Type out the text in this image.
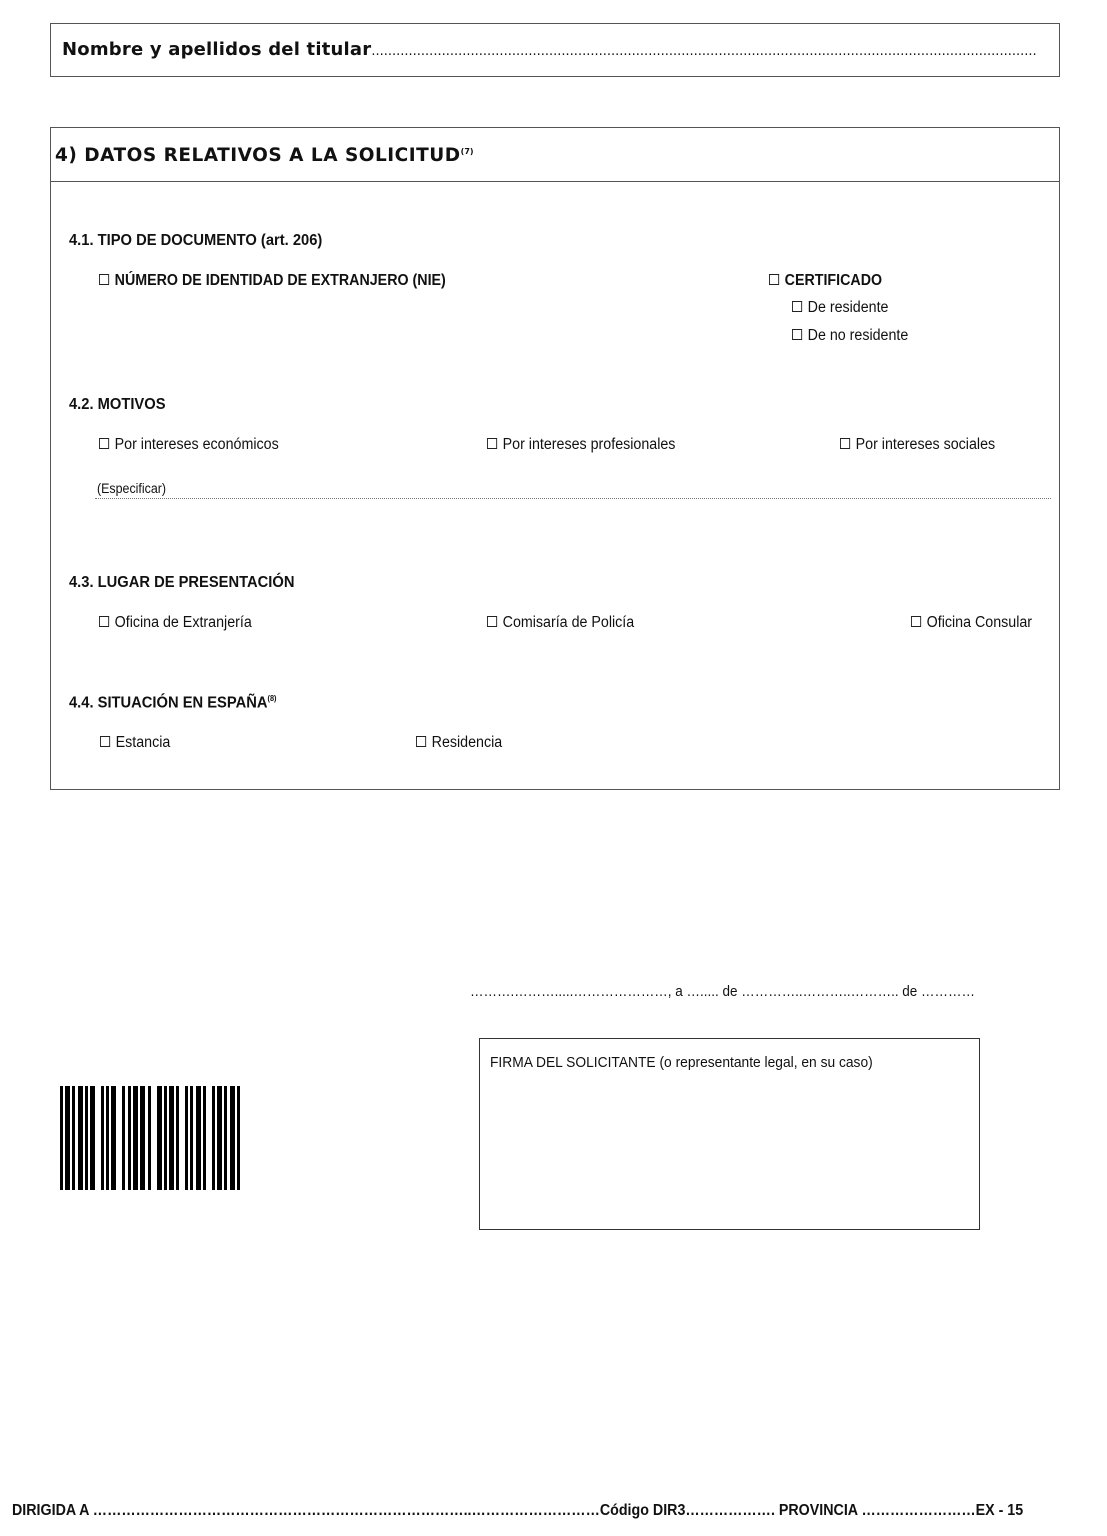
Nombre y apellidos del titular.................................................................................................................................................................
4) DATOS RELATIVOS A LA SOLICITUD$^{(7)}$
4.1. TIPO DE DOCUMENTO (art. 206)
NÚMERO DE IDENTIDAD DE EXTRANJERO (NIE)	CERTIFICADO
De residente
De no residente
4.2. MOTIVOS
Por intereses económicos	Por intereses profesionales	Por intereses sociales
(Especificar)
4.3. LUGAR DE PRESENTACIÓN
Oficina de Extranjería	Comisaría de Policía	Oficina Consular
4.4. SITUACIÓN EN ESPAÑA$^{(8)}$
Estancia	Residencia
……….……….....…………………, a …..... de …………..………..……….. de …………
FIRMA DEL SOLICITANTE (o representante legal, en su caso)
DIRIGIDA A ……………………………………………………………………..………………………Código DIR3………………. PROVINCIA ……………………EX - 15
